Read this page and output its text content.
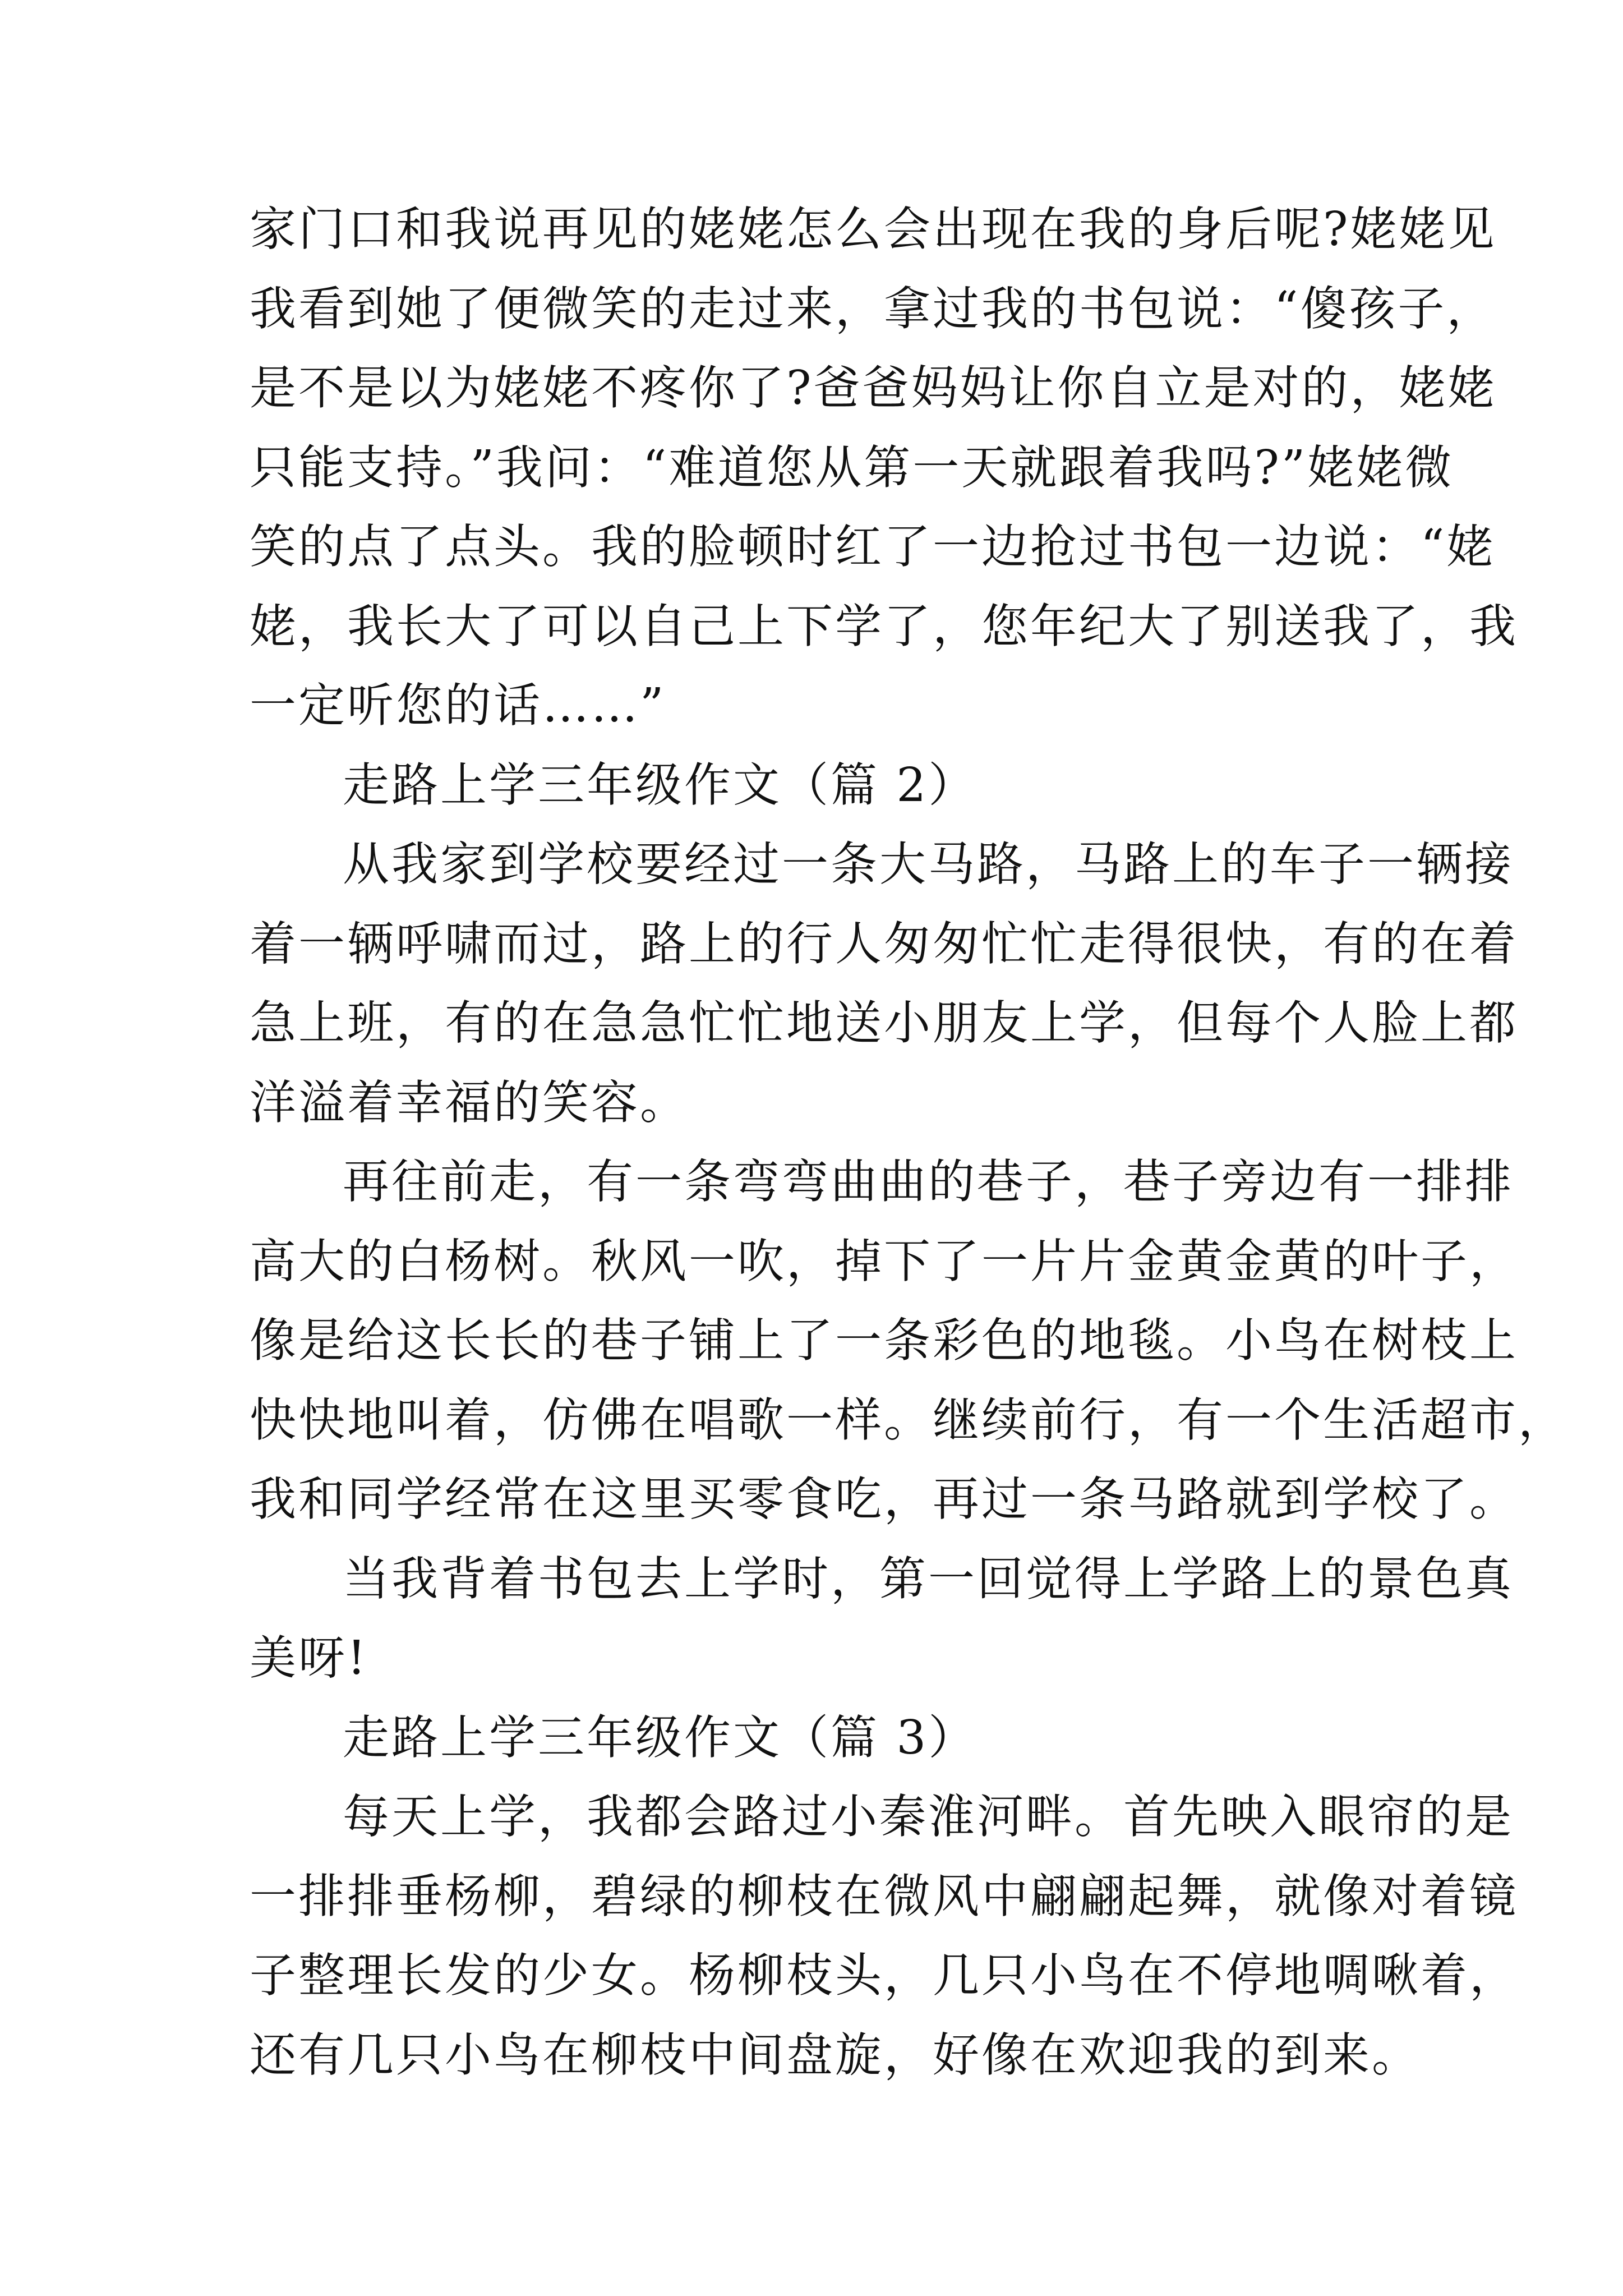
家门口和我说再见的姥姥怎么会出现在我的身后呢?姥姥见
我看到她了便微笑的走过来，拿过我的书包说：“傻孩子，
是不是以为姥姥不疼你了?爸爸妈妈让你自立是对的，姥姥
只能支持。”我问：“难道您从第一天就跟着我吗?”姥姥微
笑的点了点头。我的脸顿时红了一边抢过书包一边说：“姥
姥，我长大了可以自己上下学了，您年纪大了别送我了，我
一定听您的话……”
走路上学三年级作文（篇 2）
从我家到学校要经过一条大马路，马路上的车子一辆接
着一辆呼啸而过，路上的行人匆匆忙忙走得很快，有的在着
急上班，有的在急急忙忙地送小朋友上学，但每个人脸上都
洋溢着幸福的笑容。
再往前走，有一条弯弯曲曲的巷子，巷子旁边有一排排
高大的白杨树。秋风一吹，掉下了一片片金黄金黄的叶子，
像是给这长长的巷子铺上了一条彩色的地毯。小鸟在树枝上
快快地叫着，仿佛在唱歌一样。继续前行，有一个生活超市，
我和同学经常在这里买零食吃，再过一条马路就到学校了。
当我背着书包去上学时，第一回觉得上学路上的景色真
美呀!
走路上学三年级作文（篇 3）
每天上学，我都会路过小秦淮河畔。首先映入眼帘的是
一排排垂杨柳，碧绿的柳枝在微风中翩翩起舞，就像对着镜
子整理长发的少女。杨柳枝头，几只小鸟在不停地啁啾着，
还有几只小鸟在柳枝中间盘旋，好像在欢迎我的到来。
